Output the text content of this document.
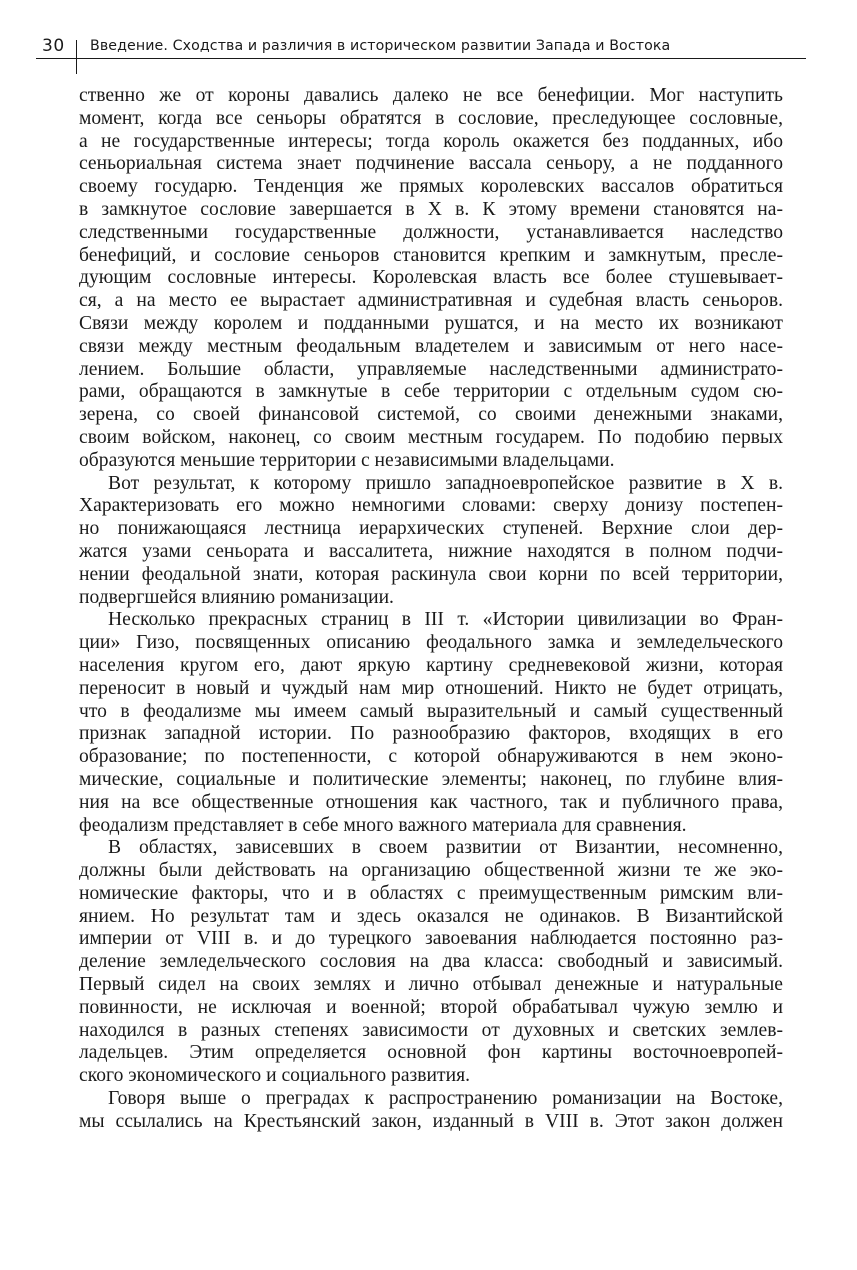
30 Введение. Сходства и различия в историческом развитии Запада и Востока

ственно же от короны давались далеко не все бенефиции. Мог наступить
момент, когда все сеньоры обратятся в сословие, преследующее сословные,
а не государственные интересы; тогда король окажется без подданных, ибо
сеньориальная система знает подчинение вассала сеньору, а не подданного
своему государю. Тенденция же прямых королевских вассалов обратиться
в замкнутое сословие завершается в X в. К этому времени становятся на-
следственными государственные должности, устанавливается наследство
бенефиций, и сословие сеньоров становится крепким и замкнутым, пресле-
дующим сословные интересы. Королевская власть все более стушевывает-
ся, а на место ее вырастает административная и судебная власть сеньоров.
Связи между королем и подданными рушатся, и на место их возникают
связи между местным феодальным владетелем и зависимым от него насе-
лением. Большие области, управляемые наследственными администрато-
рами, обращаются в замкнутые в себе территории с отдельным судом сю-
зерена, со своей финансовой системой, со своими денежными знаками,
своим войском, наконец, со своим местным государем. По подобию первых
образуются меньшие территории с независимыми владельцами.

Вот результат, к которому пришло западноевропейское развитие в X в.
Характеризовать его можно немногими словами: сверху донизу постепен-
но понижающаяся лестница иерархических ступеней. Верхние слои дер-
жатся узами сеньората и вассалитета, нижние находятся в полном подчи-
нении феодальной знати, которая раскинула свои корни по всей территории,
подвергшейся влиянию романизации.

Несколько прекрасных страниц в III т. «Истории цивилизации во Фран-
ции» Гизо, посвященных описанию феодального замка и земледельческого
населения кругом его, дают яркую картину средневековой жизни, которая
переносит в новый и чуждый нам мир отношений. Никто не будет отрицать,
что в феодализме мы имеем самый выразительный и самый существенный
признак западной истории. По разнообразию факторов, входящих в его
образование; по постепенности, с которой обнаруживаются в нем эконо-
мические, социальные и политические элементы; наконец, по глубине влия-
ния на все общественные отношения как частного, так и публичного права,
феодализм представляет в себе много важного материала для сравнения.

В областях, зависевших в своем развитии от Византии, несомненно,
должны были действовать на организацию общественной жизни те же эко-
номические факторы, что и в областях с преимущественным римским вли-
янием. Но результат там и здесь оказался не одинаков. В Византийской
империи от VIII в. и до турецкого завоевания наблюдается постоянно раз-
деление земледельческого сословия на два класса: свободный и зависимый.
Первый сидел на своих землях и лично отбывал денежные и натуральные
повинности, не исключая и военной; второй обрабатывал чужую землю и
находился в разных степенях зависимости от духовных и светских землев-
ладельцев. Этим определяется основной фон картины восточноевропей-
ского экономического и социального развития.

Говоря выше о преградах к распространению романизации на Востоке,
мы ссылались на Крестьянский закон, изданный в VIII в. Этот закон должен
